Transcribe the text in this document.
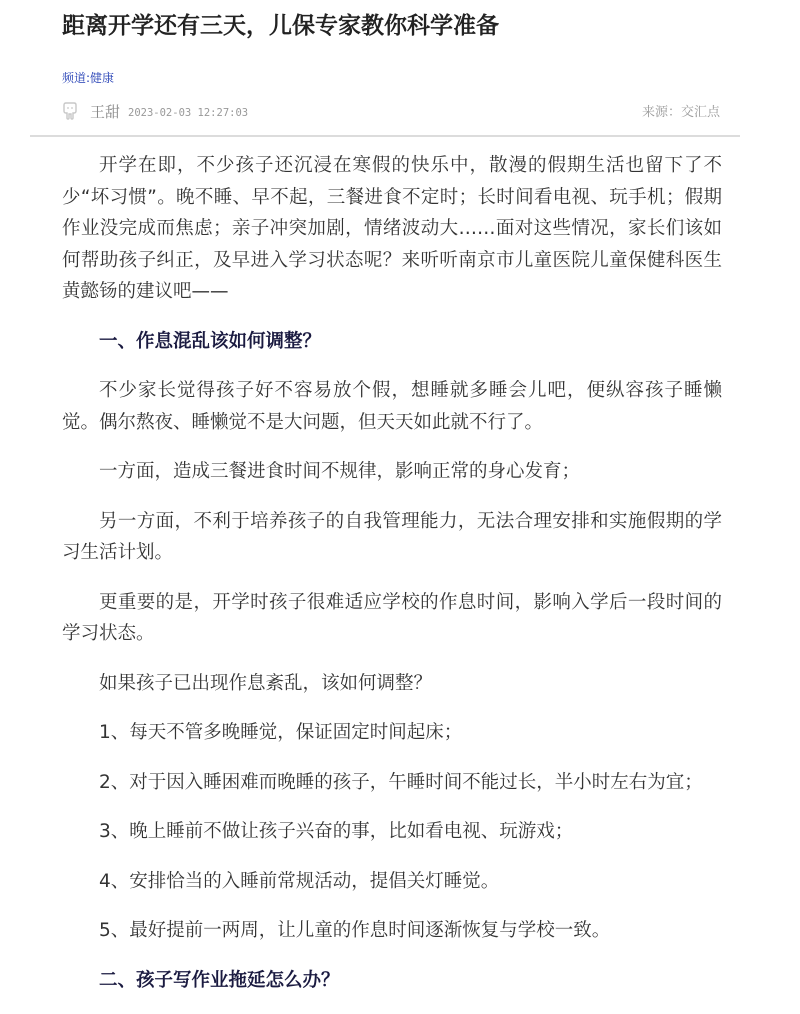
距离开学还有三天，儿保专家教你科学准备
频道:健康
王甜 2023-02-03 12:27:03	来源：交汇点

开学在即，不少孩子还沉浸在寒假的快乐中，散漫的假期生活也留下了不少“坏习惯”。晚不睡、早不起，三餐进食不定时；长时间看电视、玩手机；假期作业没完成而焦虑；亲子冲突加剧，情绪波动大……面对这些情况，家长们该如何帮助孩子纠正，及早进入学习状态呢？来听听南京市儿童医院儿童保健科医生黄懿钖的建议吧——

一、作息混乱该如何调整？

不少家长觉得孩子好不容易放个假，想睡就多睡会儿吧，便纵容孩子睡懒觉。偶尔熬夜、睡懒觉不是大问题，但天天如此就不行了。

一方面，造成三餐进食时间不规律，影响正常的身心发育；

另一方面，不利于培养孩子的自我管理能力，无法合理安排和实施假期的学习生活计划。

更重要的是，开学时孩子很难适应学校的作息时间，影响入学后一段时间的学习状态。

如果孩子已出现作息紊乱，该如何调整？

1、每天不管多晚睡觉，保证固定时间起床；

2、对于因入睡困难而晚睡的孩子，午睡时间不能过长，半小时左右为宜；

3、晚上睡前不做让孩子兴奋的事，比如看电视、玩游戏；

4、安排恰当的入睡前常规活动，提倡关灯睡觉。

5、最好提前一两周，让儿童的作息时间逐渐恢复与学校一致。

二、孩子写作业拖延怎么办？
